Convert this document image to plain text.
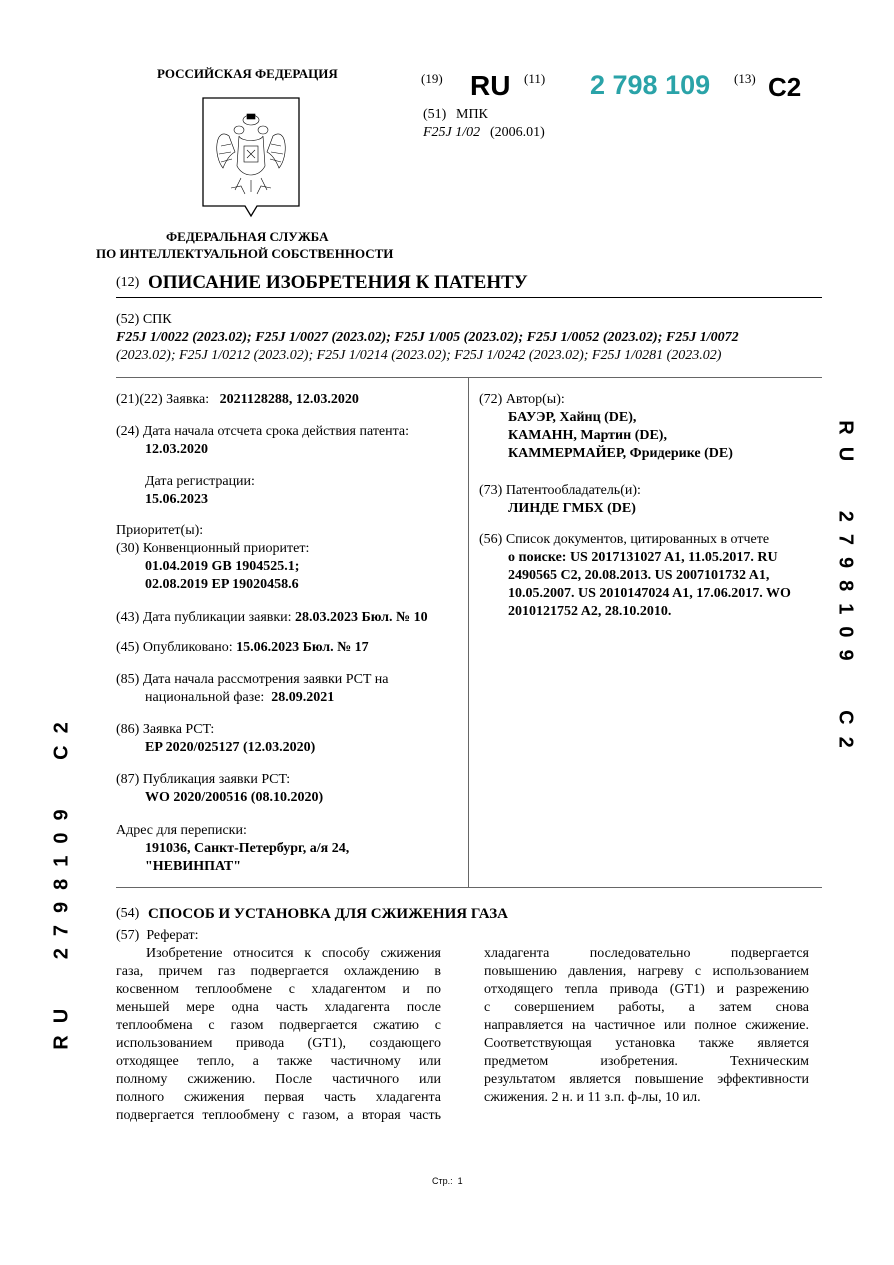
РОССИЙСКАЯ ФЕДЕРАЦИЯ
ФЕДЕРАЛЬНАЯ СЛУЖБА
ПО ИНТЕЛЛЕКТУАЛЬНОЙ СОБСТВЕННОСТИ
(19) RU (11) 2 798 109 (13) C2
(51) МПК
F25J 1/02 (2006.01)
(12) ОПИСАНИЕ ИЗОБРЕТЕНИЯ К ПАТЕНТУ
(52) СПК
F25J 1/0022 (2023.02); F25J 1/0027 (2023.02); F25J 1/005 (2023.02); F25J 1/0052 (2023.02); F25J 1/0072
(2023.02); F25J 1/0212 (2023.02); F25J 1/0214 (2023.02); F25J 1/0242 (2023.02); F25J 1/0281 (2023.02)
(21)(22) Заявка: 2021128288, 12.03.2020
(24) Дата начала отсчета срока действия патента:
12.03.2020
Дата регистрации:
15.06.2023
Приоритет(ы):
(30) Конвенционный приоритет:
01.04.2019 GB 1904525.1;
02.08.2019 EP 19020458.6
(43) Дата публикации заявки: 28.03.2023 Бюл. № 10
(45) Опубликовано: 15.06.2023 Бюл. № 17
(85) Дата начала рассмотрения заявки PCT на
национальной фазе: 28.09.2021
(86) Заявка PCT:
EP 2020/025127 (12.03.2020)
(87) Публикация заявки PCT:
WO 2020/200516 (08.10.2020)
Адрес для переписки:
191036, Санкт-Петербург, а/я 24,
"НЕВИНПАТ"
(72) Автор(ы):
БАУЭР, Хайнц (DE),
КАМАНН, Мартин (DE),
КАММЕРМАЙЕР, Фридерике (DE)
(73) Патентообладатель(и):
ЛИНДЕ ГМБХ (DE)
(56) Список документов, цитированных в отчете
о поиске: US 2017131027 A1, 11.05.2017. RU
2490565 C2, 20.08.2013. US 2007101732 A1,
10.05.2007. US 2010147024 A1, 17.06.2017. WO
2010121752 A2, 28.10.2010.
(54) СПОСОБ И УСТАНОВКА ДЛЯ СЖИЖЕНИЯ ГАЗА
(57) Реферат:
Изобретение относится к способу сжижения
газа, причем газ подвергается охлаждению в
косвенном теплообмене с хладагентом и по
меньшей мере одна часть хладагента после
теплообмена с газом подвергается сжатию с
использованием привода (GT1), создающего
отходящее тепло, а также частичному или
полному сжижению. После частичного или
полного сжижения первая часть хладагента
подвергается теплообмену с газом, а вторая часть
хладагента последовательно подвергается
повышению давления, нагреву с использованием
отходящего тепла привода (GT1) и разрежению
с совершением работы, а затем снова
направляется на частичное или полное сжижение.
Соответствующая установка также является
предметом изобретения. Техническим
результатом является повышение эффективности
сжижения. 2 н. и 11 з.п. ф-лы, 10 ил.
RU 2798109 C2
RU 2798109 C2
Стр.: 1
